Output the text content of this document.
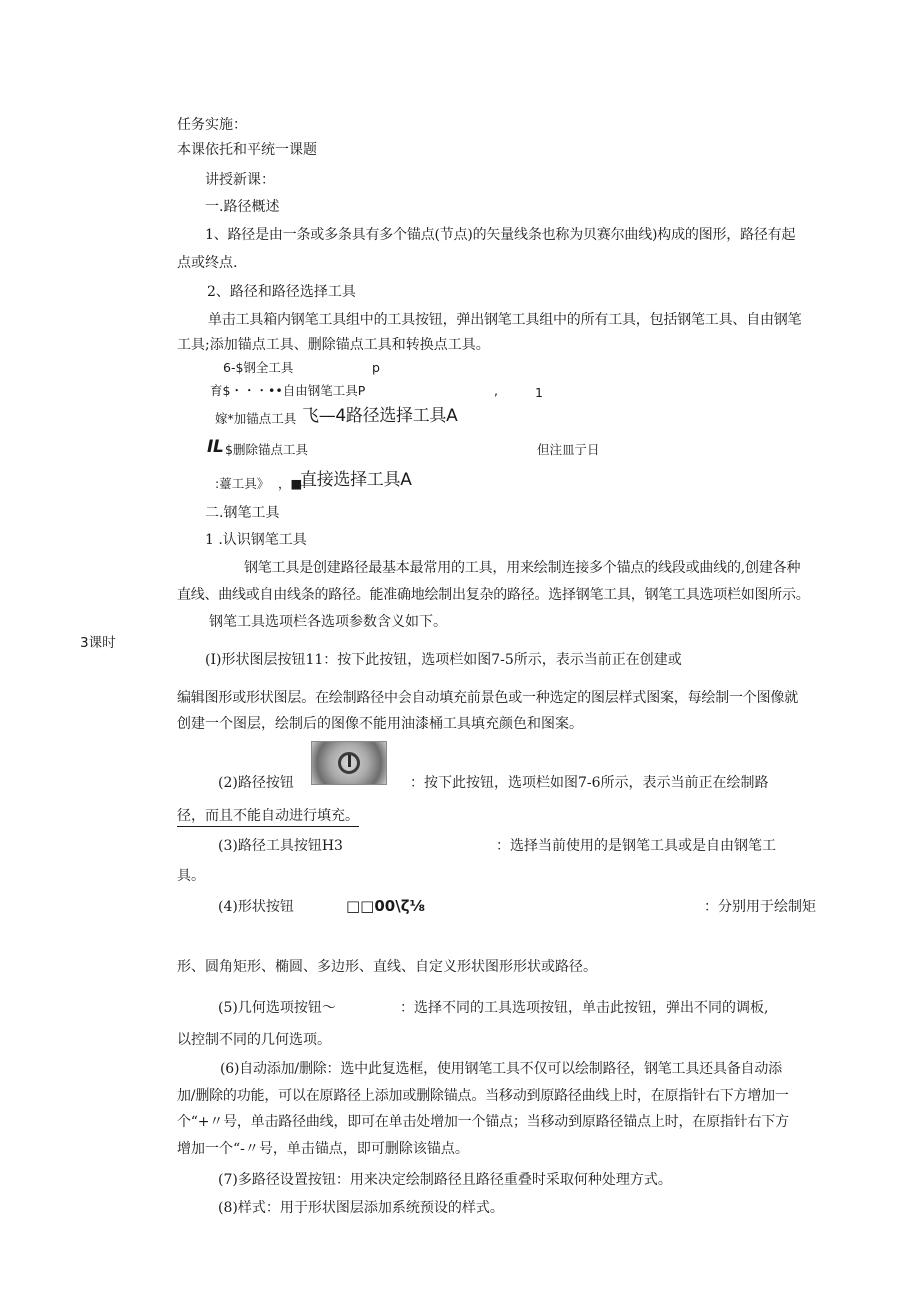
任务实施：
本课依托和平统一课题
讲授新课：
一.路径概述
1、路径是由一条或多条具有多个锚点(节点)的矢量线条也称为贝赛尔曲线)构成的图形，路径有起
点或终点.
2、路径和路径选择工具
单击工具箱内钢笔工具组中的工具按钮，弹出钢笔工具组中的所有工具，包括钢笔工具、自由钢笔
工具;添加锚点工具、删除锚点工具和转换点工具。
6-$钢全工具	p
育$・・・••自由钢笔工具P	,	1
嫁*加锚点工具 飞—4路径选择工具A
IL $删除锚点工具	但注皿亍日
:薹工具》 ，■:
直接选择工具A
二.钢笔工具
1 .认识钢笔工具
钢笔工具是创建路径最基本最常用的工具，用来绘制连接多个锚点的线段或曲线的,创建各种
直线、曲线或自由线条的路径。能准确地绘制出复杂的路径。选择钢笔工具，钢笔工具选项栏如图所示。
钢笔工具选项栏各选项参数含义如下。
3课时
(I)形状图层按钮11：按下此按钮，选项栏如图7-5所示，表示当前正在创建或
编辑图形或形状图层。在绘制路径中会自动填充前景色或一种选定的图层样式图案，每绘制一个图像就
创建一个图层，绘制后的图像不能用油漆桶工具填充颜色和图案。
(2)路径按钮	：按下此按钮，选项栏如图7-6所示，表示当前正在绘制路
径，而且不能自动进行填充。
(3)路径工具按钮H3	：选择当前使用的是钢笔工具或是自由钢笔工
具。
(4)形状按钮	□□00\ζ⅛	：分别用于绘制矩
形、圆角矩形、椭圆、多边形、直线、自定义形状图形形状或路径。
(5)几何选项按钮〜	：选择不同的工具选项按钮，单击此按钮，弹出不同的调板,
以控制不同的几何选项。
(6)自动添加/删除：选中此复选框，使用钢笔工具不仅可以绘制路径，钢笔工具还具备自动添
加/删除的功能，可以在原路径上添加或删除锚点。当移动到原路径曲线上时，在原指针右下方增加一
个“+〃号，单击路径曲线，即可在单击处增加一个锚点；当移动到原路径锚点上时，在原指针右下方
增加一个“-〃号，单击锚点，即可删除该锚点。
(7)多路径设置按钮：用来决定绘制路径且路径重叠时采取何种处理方式。
(8)样式：用于形状图层添加系统预设的样式。
